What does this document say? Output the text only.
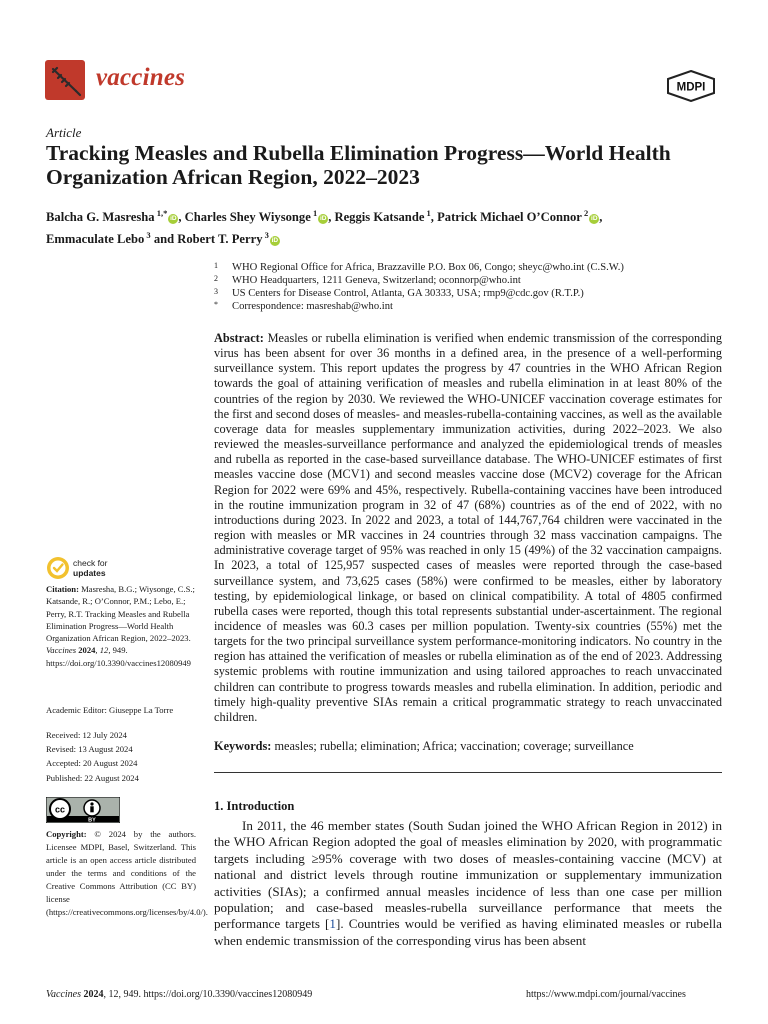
vaccines	MDPI
Article
Tracking Measles and Rubella Elimination Progress—World Health Organization African Region, 2022–2023
Balcha G. Masresha $^{1,*}$iD , Charles Shey Wiysonge $^1$iD , Reggis Katsande $^1$, Patrick Michael O’Connor $^2$iD ,
Emmaculate Lebo $^3$ and Robert T. Perry $^3$iD
1 WHO Regional Office for Africa, Brazzaville P.O. Box 06, Congo; sheyc@who.int (C.S.W.)
2 WHO Headquarters, 1211 Geneva, Switzerland; oconnorp@who.int
3 US Centers for Disease Control, Atlanta, GA 30333, USA; rmp9@cdc.gov (R.T.P.)
* Correspondence: masreshab@who.int
Abstract: Measles or rubella elimination is verified when endemic transmission of the corresponding virus has been absent for over 36 months in a defined area, in the presence of a well-performing surveillance system. This report updates the progress by 47 countries in the WHO African Region towards the goal of attaining verification of measles and rubella elimination in at least 80% of the countries of the region by 2030. We reviewed the WHO-UNICEF vaccination coverage estimates for the first and second doses of measles- and measles-rubella-containing vaccines, as well as the available coverage data for measles supplementary immunization activities, during 2022–2023. We also reviewed the measles-surveillance performance and analyzed the epidemiological trends of measles and rubella as reported in the case-based surveillance database. The WHO-UNICEF estimates of first measles vaccine dose (MCV1) and second measles vaccine dose (MCV2) coverage for the African Region for 2022 were 69% and 45%, respectively. Rubella-containing vaccines have been introduced in the routine immunization program in 32 of 47 (68%) countries as of the end of 2022, with no introductions during 2023. In 2022 and 2023, a total of 144,767,764 children were vaccinated in the region with measles or MR vaccines in 24 countries through 32 mass vaccination campaigns. The administrative coverage target of 95% was reached in only 15 (49%) of the 32 vaccination campaigns. In 2023, a total of 125,957 suspected cases of measles were reported through the case-based surveillance system, and 73,625 cases (58%) were confirmed to be measles, either by laboratory testing, by epidemiological linkage, or based on clinical compatibility. A total of 4805 confirmed rubella cases were reported, though this total represents substantial under-ascertainment. The regional incidence of measles was 60.3 cases per million population. Twenty-six countries (55%) met the targets for the two principal surveillance system performance-monitoring indicators. No country in the region has attained the verification of measles or rubella elimination as of the end of 2023. Addressing systemic problems with routine immunization and using tailored approaches to reach unvaccinated children can contribute to progress towards measles and rubella elimination. In addition, periodic and timely high-quality preventive SIAs remain a critical programmatic strategy to reach unvaccinated children.
Keywords: measles; rubella; elimination; Africa; vaccination; coverage; surveillance
1. Introduction
In 2011, the 46 member states (South Sudan joined the WHO African Region in 2012) in the WHO African Region adopted the goal of measles elimination by 2020, with programmatic targets including ≥95% coverage with two doses of measles-containing vaccine (MCV) at national and district levels through routine immunization or supplementary immunization activities (SIAs); a confirmed annual measles incidence of less than one case per million population; and case-based measles-rubella surveillance performance that meets the performance targets [1]. Countries would be verified as having eliminated measles or rubella when endemic transmission of the corresponding virus has been absent
check for
updates
Citation: Masresha, B.G.; Wiysonge, C.S.; Katsande, R.; O’Connor, P.M.; Lebo, E.; Perry, R.T. Tracking Measles and Rubella Elimination Progress—World Health Organization African Region, 2022–2023. Vaccines 2024, 12, 949. https://doi.org/10.3390/vaccines12080949
Academic Editor: Giuseppe La Torre
Received: 12 July 2024
Revised: 13 August 2024
Accepted: 20 August 2024
Published: 22 August 2024
cc
BY
Copyright: © 2024 by the authors. Licensee MDPI, Basel, Switzerland. This article is an open access article distributed under the terms and conditions of the Creative Commons Attribution (CC BY) license (https://creativecommons.org/licenses/by/4.0/).
Vaccines 2024, 12, 949. https://doi.org/10.3390/vaccines12080949	https://www.mdpi.com/journal/vaccines
